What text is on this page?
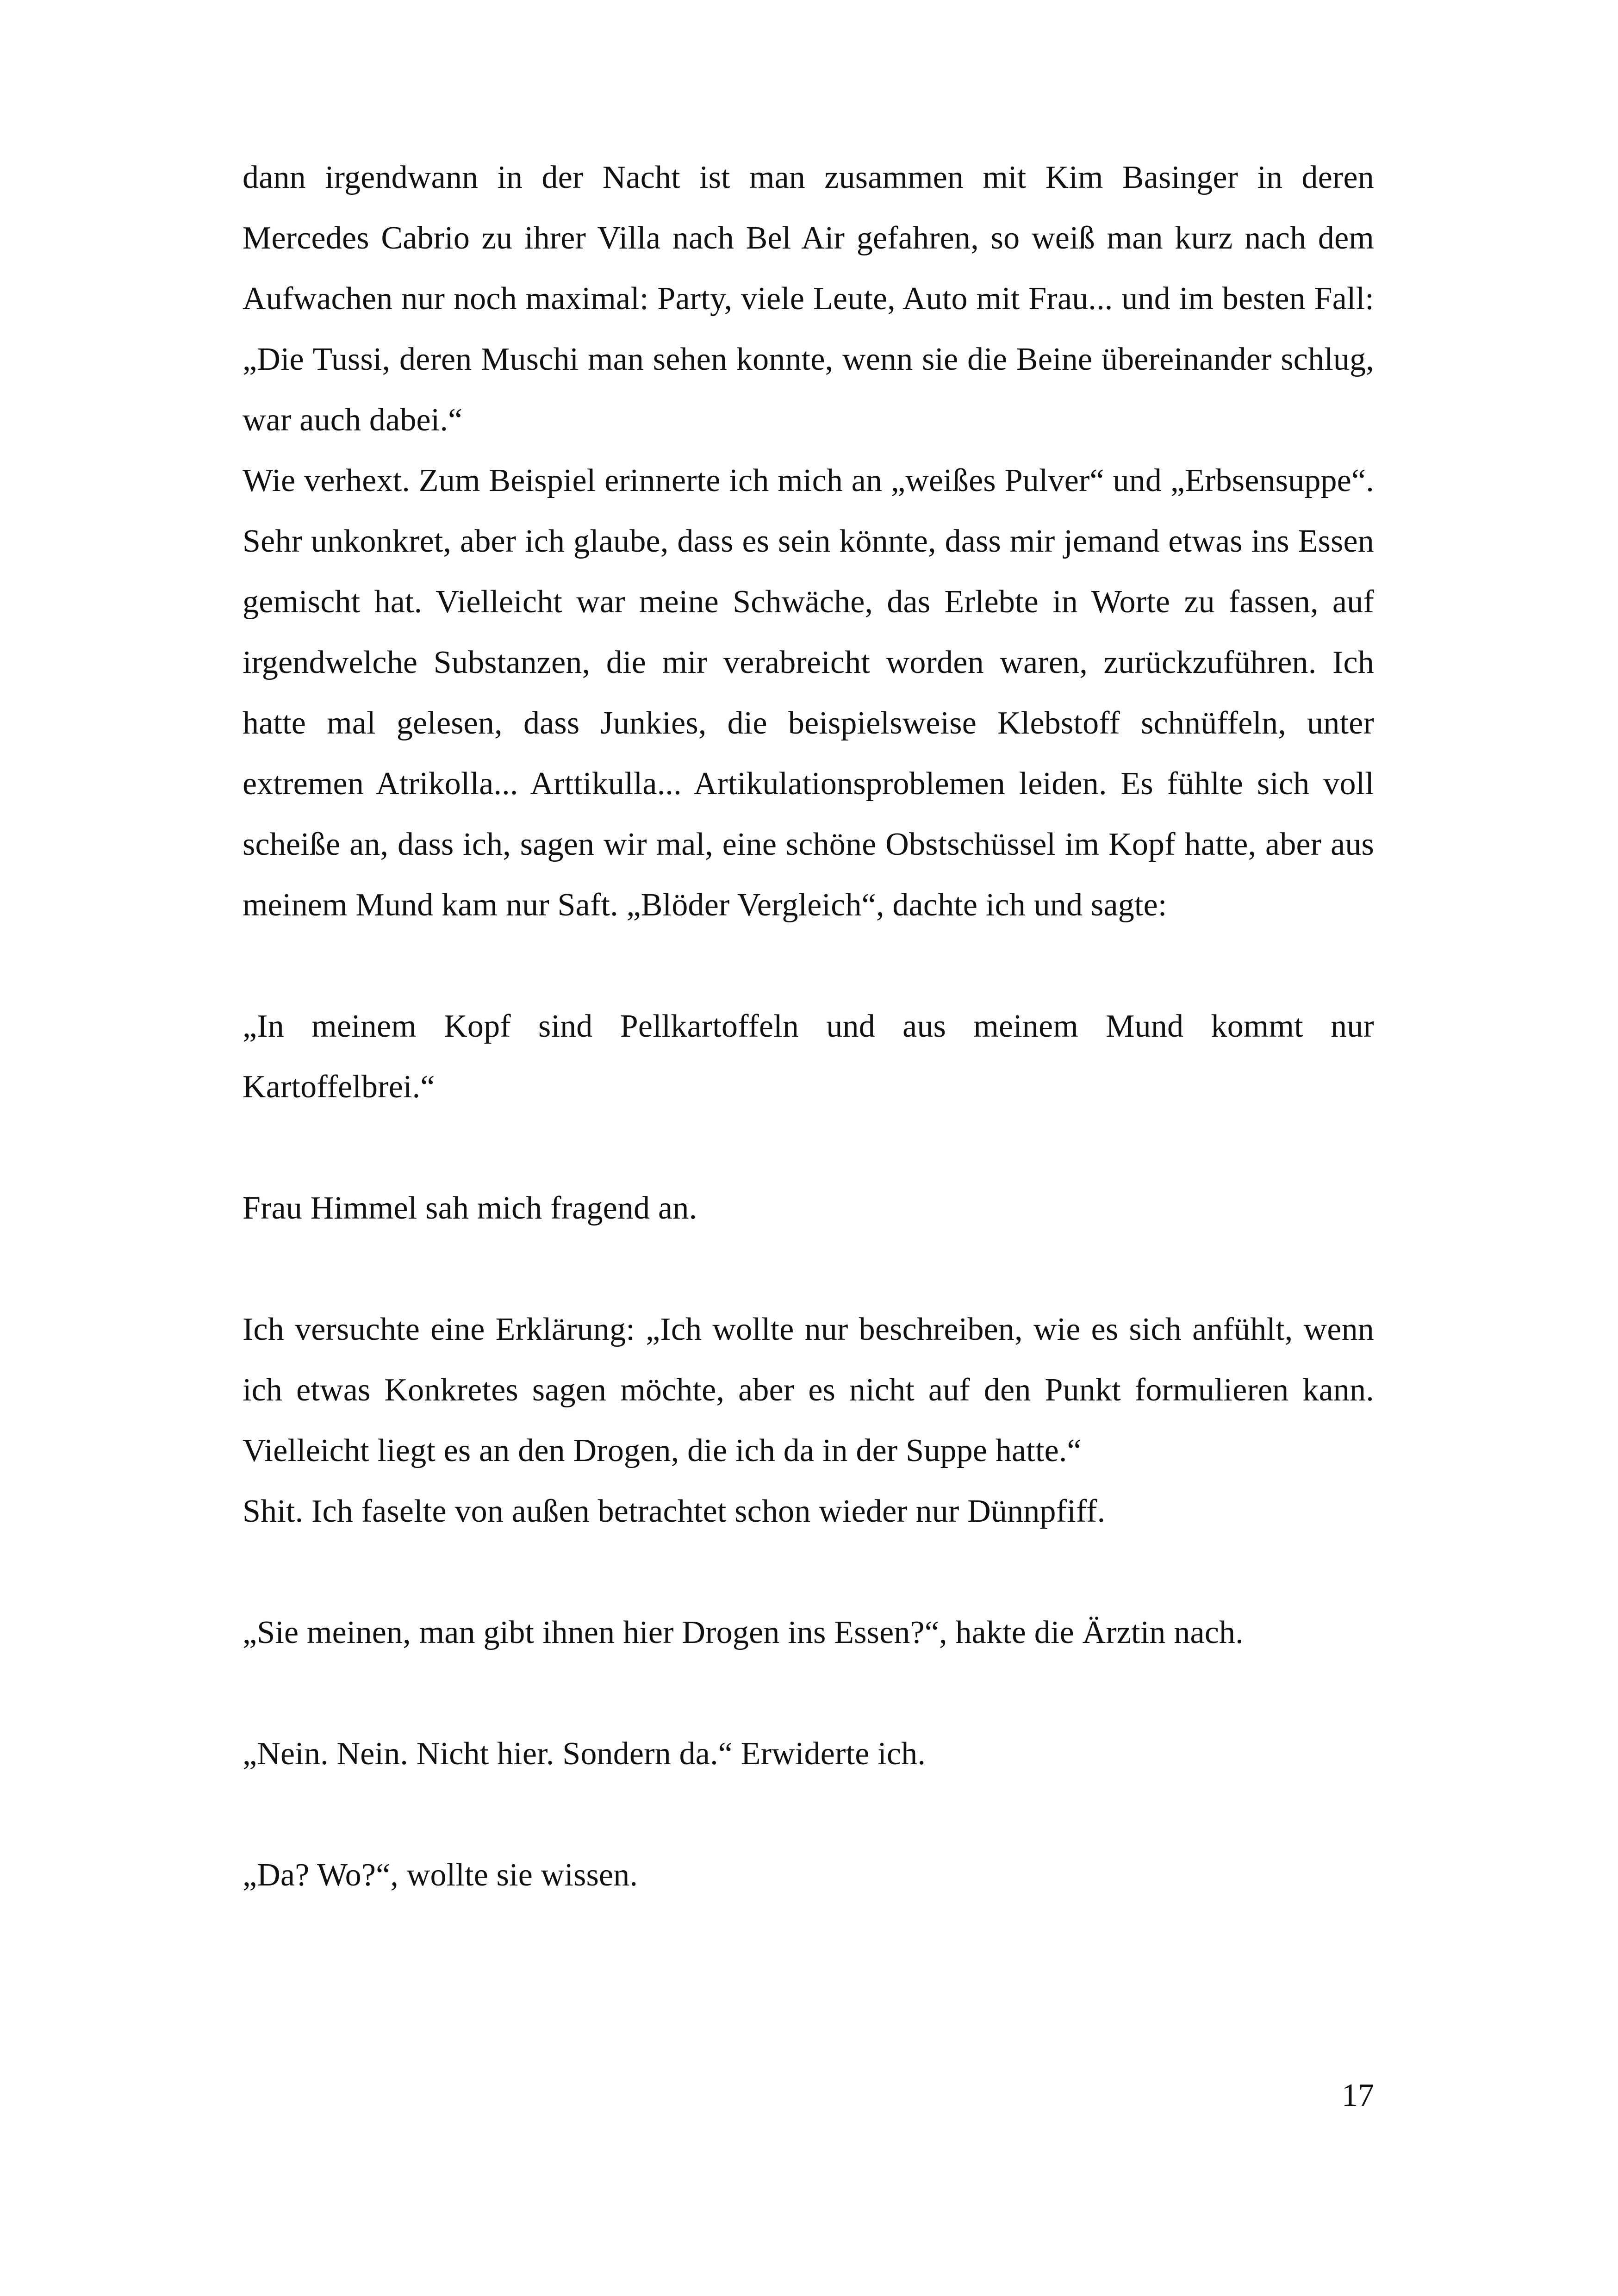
dann irgendwann in der Nacht ist man zusammen mit Kim Basinger in deren Mercedes Cabrio zu ihrer Villa nach Bel Air gefahren, so weiß man kurz nach dem Aufwachen nur noch maximal: Party, viele Leute, Auto mit Frau... und im besten Fall: „Die Tussi, deren Muschi man sehen konnte, wenn sie die Beine übereinander schlug, war auch dabei.“

Wie verhext. Zum Beispiel erinnerte ich mich an „weißes Pulver“ und „Erbsensuppe“. Sehr unkonkret, aber ich glaube, dass es sein könnte, dass mir jemand etwas ins Essen gemischt hat. Vielleicht war meine Schwäche, das Erlebte in Worte zu fassen, auf irgendwelche Substanzen, die mir verabreicht worden waren, zurückzuführen. Ich hatte mal gelesen, dass Junkies, die beispielsweise Klebstoff schnüffeln, unter extremen Atrikolla... Arttikulla... Artikulationsproblemen leiden. Es fühlte sich voll scheiße an, dass ich, sagen wir mal, eine schöne Obstschüssel im Kopf hatte, aber aus meinem Mund kam nur Saft. „Blöder Vergleich“, dachte ich und sagte:

„In meinem Kopf sind Pellkartoffeln und aus meinem Mund kommt nur Kartoffelbrei.“

Frau Himmel sah mich fragend an.

Ich versuchte eine Erklärung: „Ich wollte nur beschreiben, wie es sich anfühlt, wenn ich etwas Konkretes sagen möchte, aber es nicht auf den Punkt formulieren kann. Vielleicht liegt es an den Drogen, die ich da in der Suppe hatte.“

Shit. Ich faselte von außen betrachtet schon wieder nur Dünnpfiff.

„Sie meinen, man gibt ihnen hier Drogen ins Essen?“, hakte die Ärztin nach.

„Nein. Nein. Nicht hier. Sondern da.“ Erwiderte ich.

„Da? Wo?“, wollte sie wissen.

17
